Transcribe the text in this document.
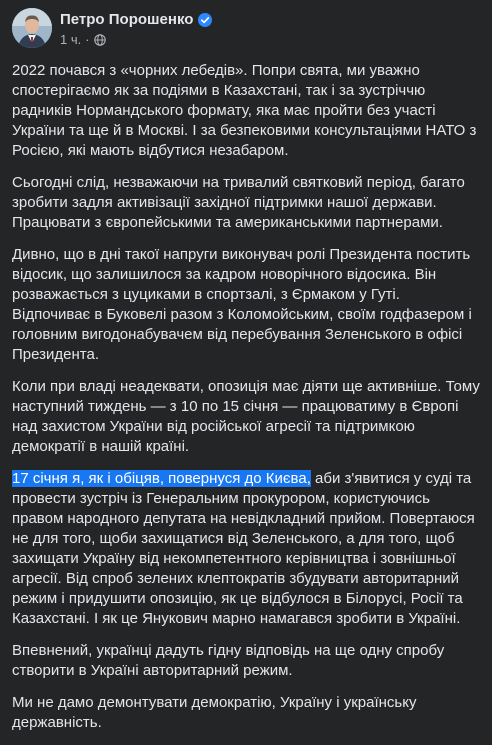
Петро Порошенко
1 ч. ·

2022 почався з «чорних лебедів». Попри свята, ми уважно спостерігаємо як за подіями в Казахстані, так і за зустріччю радників Нормандського формату, яка має пройти без участі України та ще й в Москві. І за безпековими консультаціями НАТО з Росією, які мають відбутися незабаром.

Сьогодні слід, незважаючи на тривалий святковий період, багато зробити задля активізації західної підтримки нашої держави. Працювати з європейськими та американськими партнерами.

Дивно, що в дні такої напруги виконувач ролі Президента постить відосик, що залишилося за кадром новорічного відосика. Він розважається з цуциками в спортзалі, з Єрмаком у Гуті. Відпочиває в Буковелі разом з Коломойським, своїм годфазером і головним вигодонабувачем від перебування Зеленського в офісі Президента.

Коли при владі неадеквати, опозиція має діяти ще активніше. Тому наступний тиждень — з 10 по 15 січня — працюватиму в Європі над захистом України від російської агресії та підтримкою демократії в нашій країні.

17 січня я, як і обіцяв, повернуся до Києва, аби з'явитися у суді та провести зустріч із Генеральним прокурором, користуючись правом народного депутата на невідкладний прийом. Повертаюся не для того, щоби захищатися від Зеленського, а для того, щоб захищати Україну від некомпетентного керівництва і зовнішньої агресії. Від спроб зелених клептократів збудувати авторитарний режим і придушити опозицію, як це відбулося в Білорусі, Росії та Казахстані. І як це Янукович марно намагався зробити в Україні.

Впевнений, українці дадуть гідну відповідь на ще одну спробу створити в Україні авторитарний режим.

Ми не дамо демонтувати демократію, Україну і українську державність.
